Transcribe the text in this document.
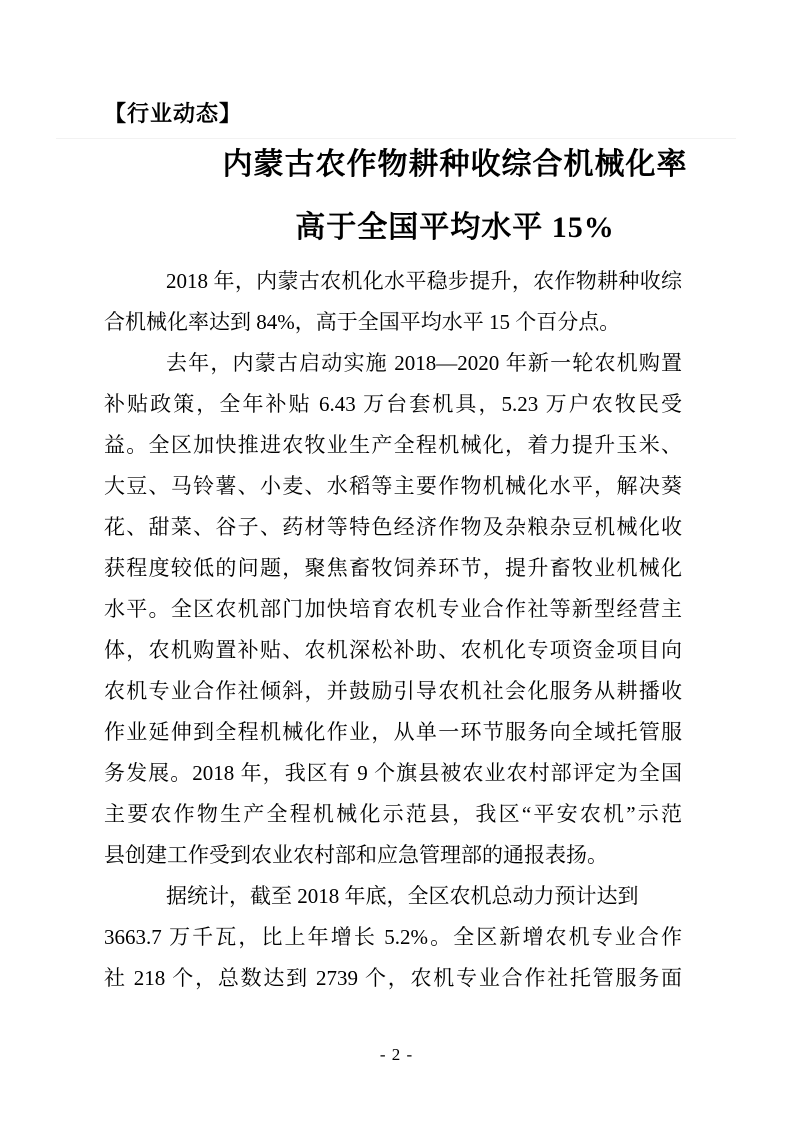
【行业动态】
内蒙古农作物耕种收综合机械化率
高于全国平均水平 15%
2018 年，内蒙古农机化水平稳步提升，农作物耕种收综
合机械化率达到 84%，高于全国平均水平 15 个百分点。
去年，内蒙古启动实施 2018—2020 年新一轮农机购置
补贴政策，全年补贴 6.43 万台套机具，5.23 万户农牧民受
益。全区加快推进农牧业生产全程机械化，着力提升玉米、
大豆、马铃薯、小麦、水稻等主要作物机械化水平，解决葵
花、甜菜、谷子、药材等特色经济作物及杂粮杂豆机械化收
获程度较低的问题，聚焦畜牧饲养环节，提升畜牧业机械化
水平。全区农机部门加快培育农机专业合作社等新型经营主
体，农机购置补贴、农机深松补助、农机化专项资金项目向
农机专业合作社倾斜，并鼓励引导农机社会化服务从耕播收
作业延伸到全程机械化作业，从单一环节服务向全域托管服
务发展。2018 年，我区有 9 个旗县被农业农村部评定为全国
主要农作物生产全程机械化示范县，我区“平安农机”示范
县创建工作受到农业农村部和应急管理部的通报表扬。
据统计，截至 2018 年底，全区农机总动力预计达到
3663.7 万千瓦，比上年增长 5.2%。全区新增农机专业合作
社 218 个，总数达到 2739 个，农机专业合作社托管服务面
- 2 -
